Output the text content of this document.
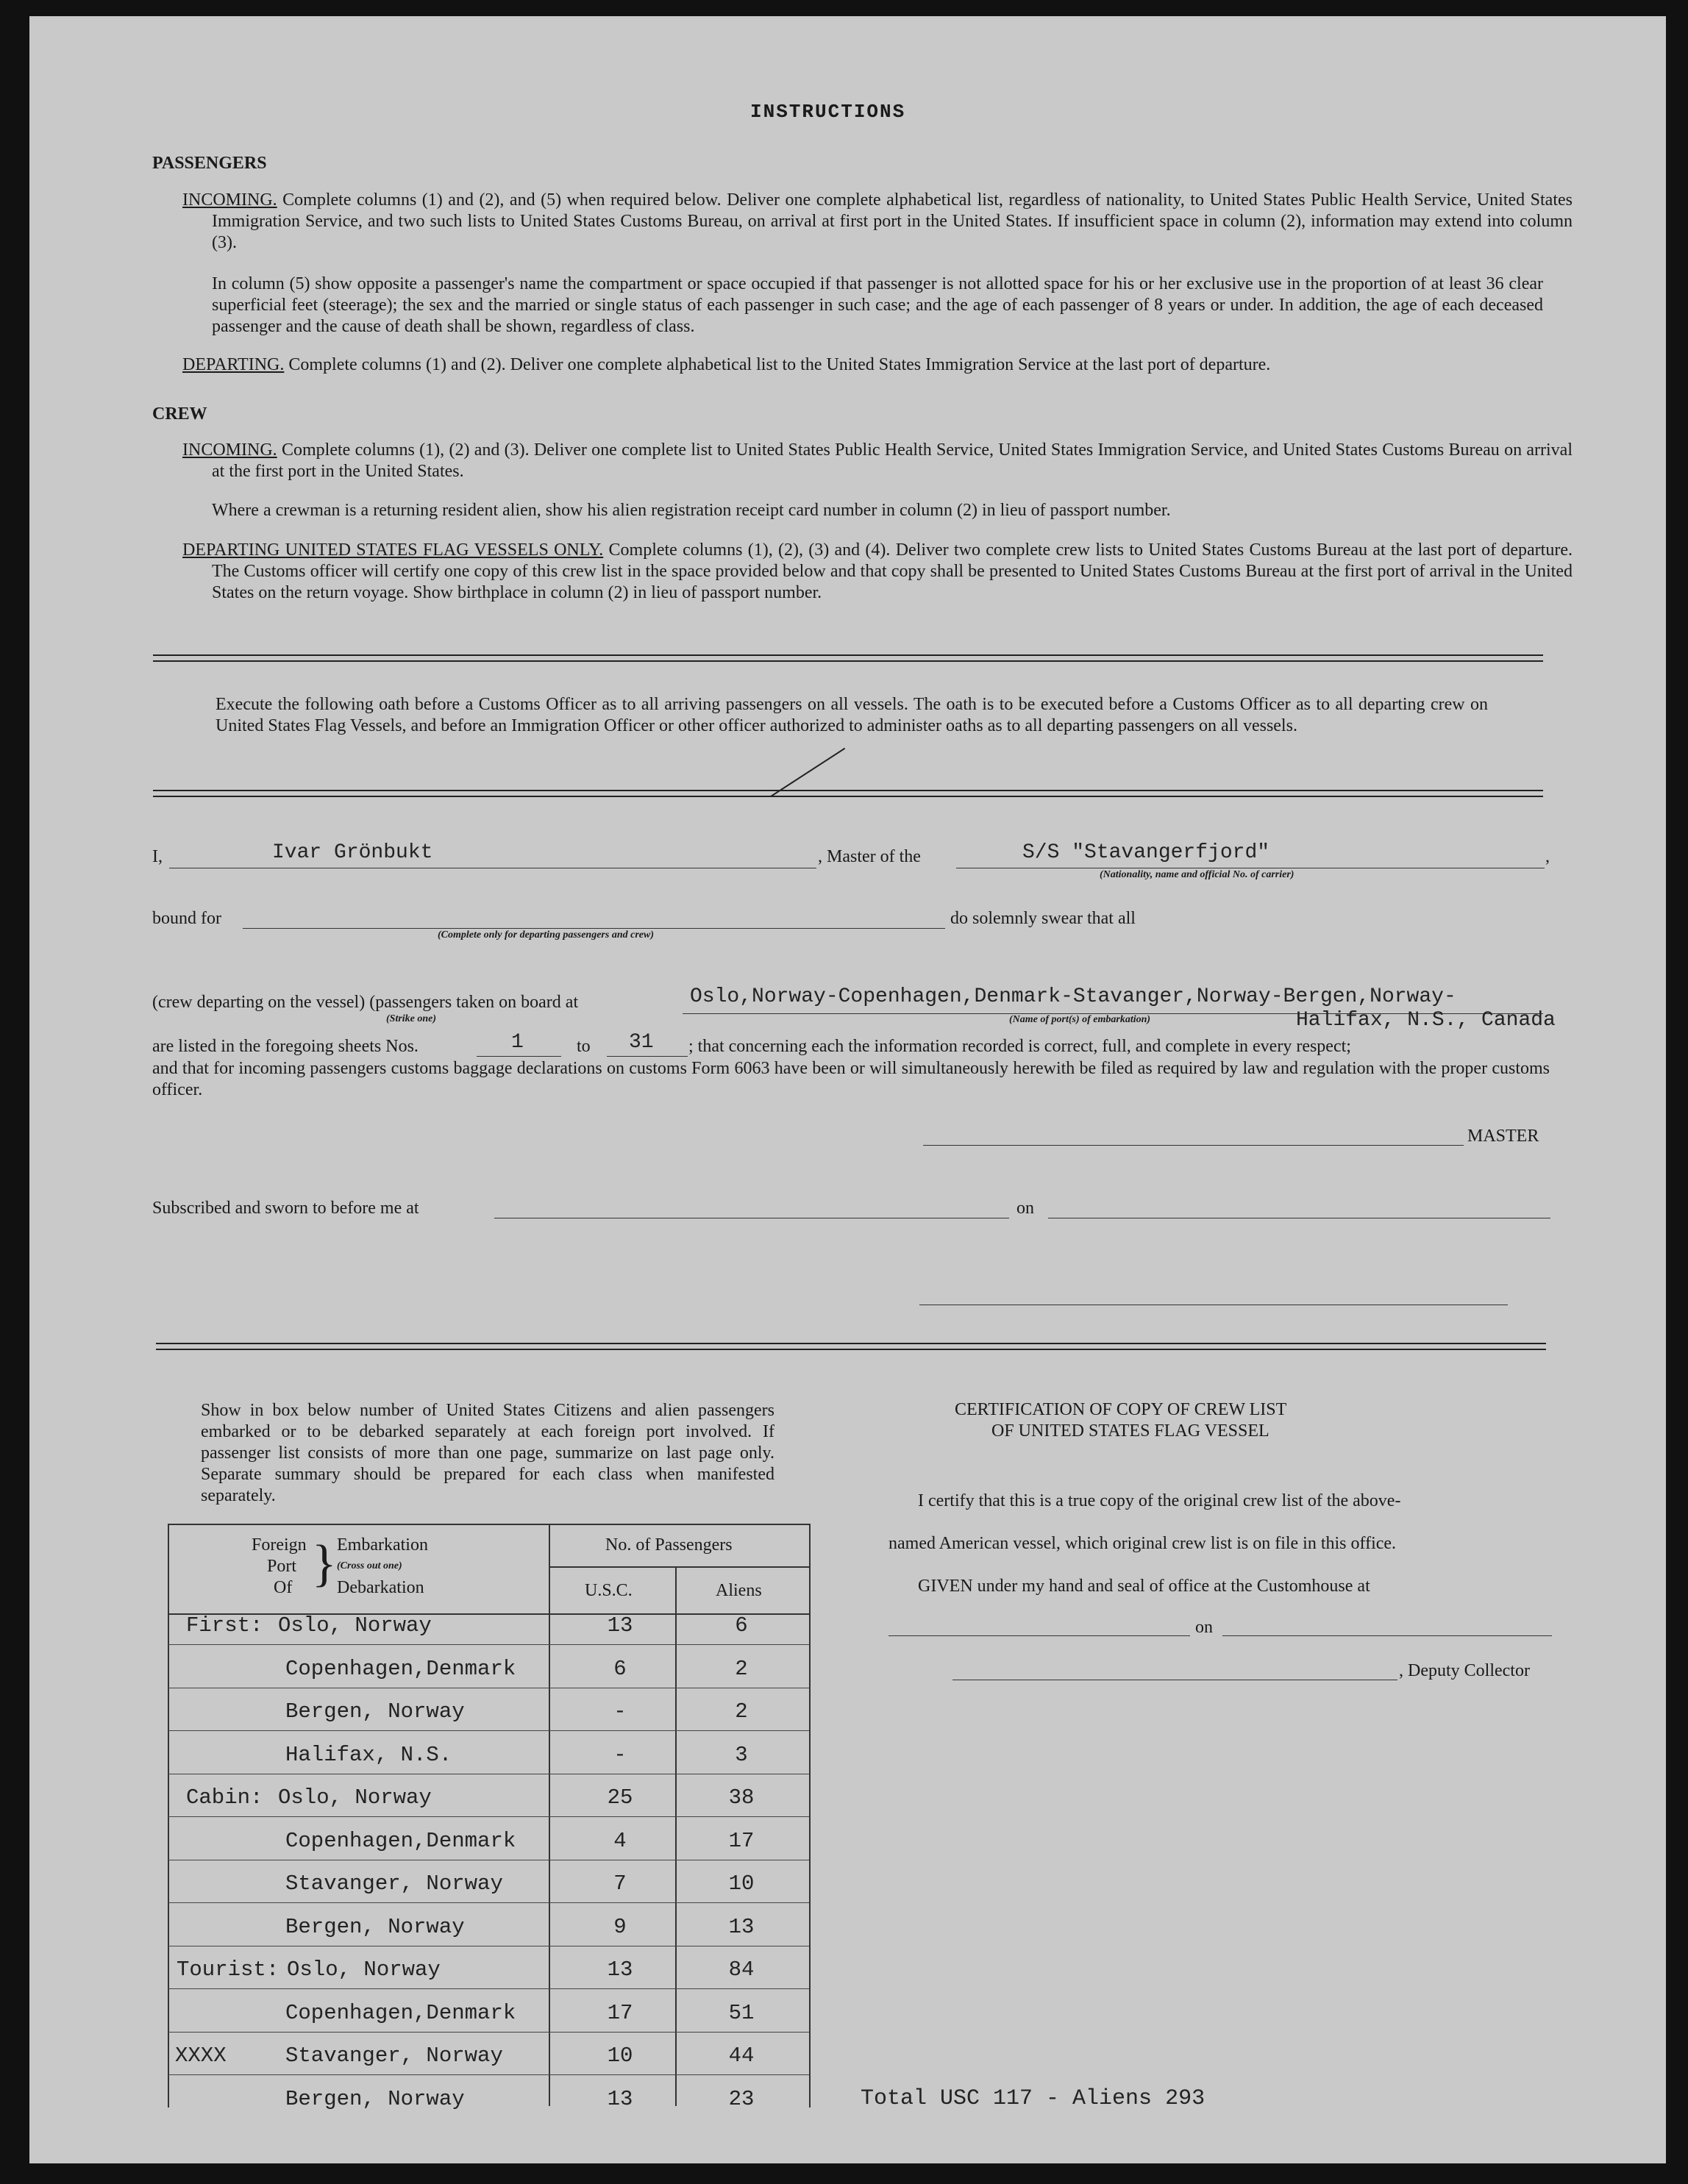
INSTRUCTIONS
PASSENGERS
INCOMING. Complete columns (1) and (2), and (5) when required below. Deliver one complete alphabetical list, regardless of nationality, to United States Public Health Service, United States Immigration Service, and two such lists to United States Customs Bureau, on arrival at first port in the United States. If insufficient space in column (2), information may extend into column (3).
In column (5) show opposite a passenger's name the compartment or space occupied if that passenger is not allotted space for his or her exclusive use in the proportion of at least 36 clear superficial feet (steerage); the sex and the married or single status of each passenger in such case; and the age of each passenger of 8 years or under. In addition, the age of each deceased passenger and the cause of death shall be shown, regardless of class.
DEPARTING. Complete columns (1) and (2). Deliver one complete alphabetical list to the United States Immigration Service at the last port of departure.
CREW
INCOMING. Complete columns (1), (2) and (3). Deliver one complete list to United States Public Health Service, United States Immigration Service, and United States Customs Bureau on arrival at the first port in the United States.
Where a crewman is a returning resident alien, show his alien registration receipt card number in column (2) in lieu of passport number.
DEPARTING UNITED STATES FLAG VESSELS ONLY. Complete columns (1), (2), (3) and (4). Deliver two complete crew lists to United States Customs Bureau at the last port of departure. The Customs officer will certify one copy of this crew list in the space provided below and that copy shall be presented to United States Customs Bureau at the first port of arrival in the United States on the return voyage. Show birthplace in column (2) in lieu of passport number.
Execute the following oath before a Customs Officer as to all arriving passengers on all vessels. The oath is to be executed before a Customs Officer as to all departing crew on United States Flag Vessels, and before an Immigration Officer or other officer authorized to administer oaths as to all departing passengers on all vessels.
I,	Ivar Grönbukt	, Master of the	S/S "Stavangerfjord"
(Nationality, name and official No. of carrier)
,
bound for
(Complete only for departing passengers and crew)
do solemnly swear that all
(crew departing on the vessel) (passengers taken on board at
(Strike one)
Oslo,Norway-Copenhagen,Denmark-Stavanger,Norway-Bergen,Norway-
(Name of port(s) of embarkation)	Halifax, N.S., Canada
are listed in the foregoing sheets Nos.	1	to 31 ; that concerning each the information recorded is correct, full, and complete in every respect;
and that for incoming passengers customs baggage declarations on customs Form 6063 have been or will simultaneously herewith be filed as required by law and regulation with the proper customs officer.
MASTER
Subscribed and sworn to before me at	on
Show in box below number of United States Citizens and alien passengers embarked or to be debarked separately at each foreign port involved. If passenger list consists of more than one page, summarize on last page only. Separate summary should be prepared for each class when manifested separately.
CERTIFICATION OF COPY OF CREW LIST
OF UNITED STATES FLAG VESSEL
I certify that this is a true copy of the original crew list of the above-
named American vessel, which original crew list is on file in this office.
GIVEN under my hand and seal of office at the Customhouse at
on
, Deputy Collector
Foreign
Port
Of } Embarkation
(Cross out one)
Debarkation
No. of Passengers
U.S.C.	Aliens
First: Oslo, Norway	13	6
Copenhagen,Denmark	6	2
Bergen, Norway	-	2
Halifax, N.S.	-	3
Cabin: Oslo, Norway	25	38
Copenhagen,Denmark	4	17
Stavanger, Norway	7	10
Bergen, Norway	9	13
Tourist: Oslo, Norway	13	84
Copenhagen,Denmark	17	51
XXXX	Stavanger, Norway	10	44
Bergen, Norway	13	23	Total USC 117 - Aliens 293
